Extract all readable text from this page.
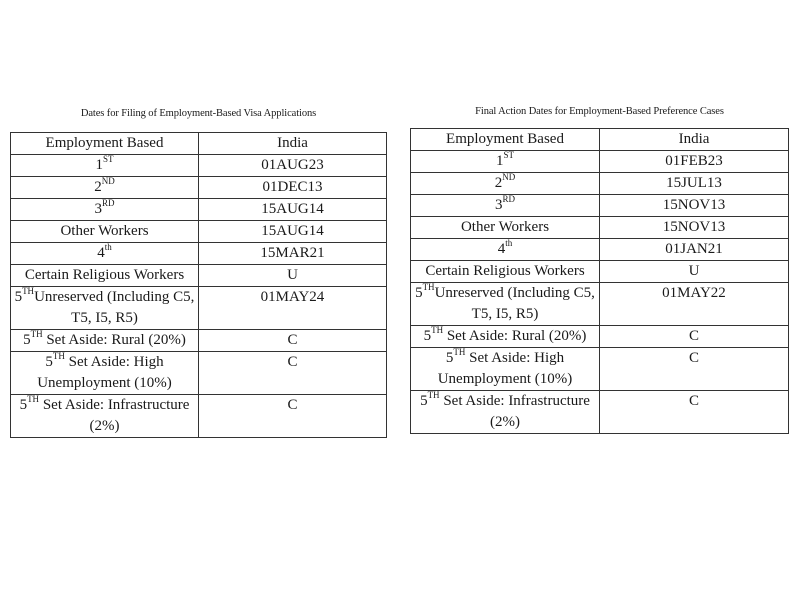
Dates for Filing of Employment-Based Visa Applications
Employment Based	India
1ST	01AUG23
2ND	01DEC13
3RD	15AUG14
Other Workers	15AUG14
4th	15MAR21
Certain Religious Workers	U
5THUnreserved (Including C5, T5, I5, R5)	01MAY24
5TH Set Aside: Rural (20%)	C
5TH Set Aside: High Unemployment (10%)	C
5TH Set Aside: Infrastructure (2%)	C
Final Action Dates for Employment-Based Preference Cases
Employment Based	India
1ST	01FEB23
2ND	15JUL13
3RD	15NOV13
Other Workers	15NOV13
4th	01JAN21
Certain Religious Workers	U
5THUnreserved (Including C5, T5, I5, R5)	01MAY22
5TH Set Aside: Rural (20%)	C
5TH Set Aside: High Unemployment (10%)	C
5TH Set Aside: Infrastructure (2%)	C
